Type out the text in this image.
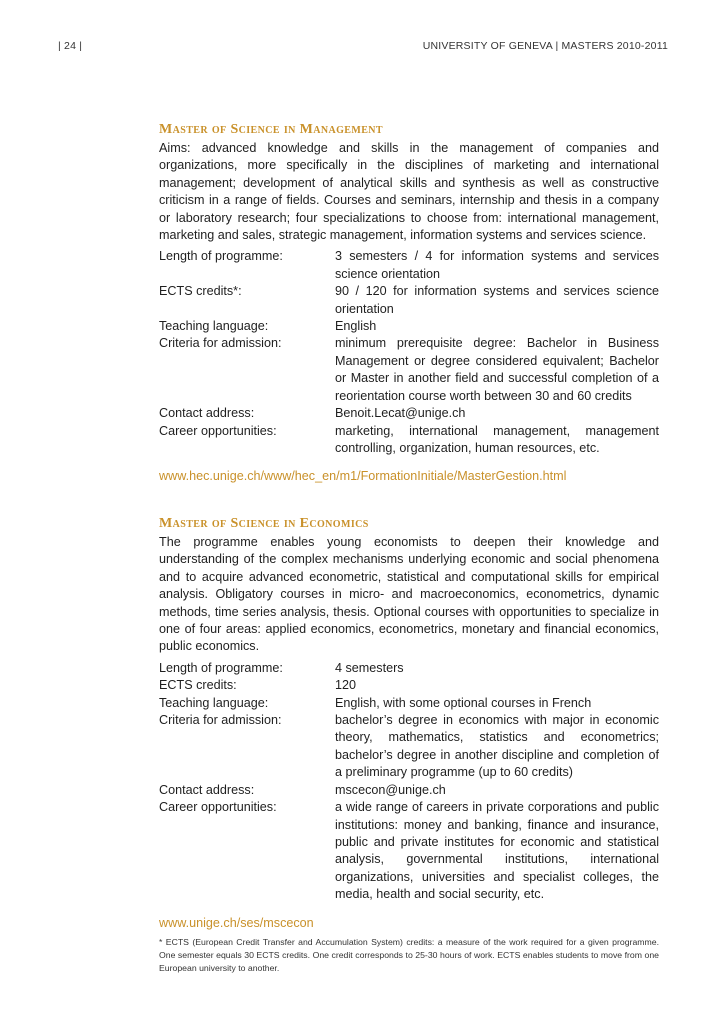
| 24 |	UNIVERSITY OF GENEVA | MASTERS 2010-2011
Master of Science in Management

Aims: advanced knowledge and skills in the management of companies and organizations, more specifically in the disciplines of marketing and international management; development of analytical skills and synthesis as well as constructive criticism in a range of fields. Courses and seminars, internship and thesis in a company or laboratory research; four specializations to choose from: international management, marketing and sales, strategic management, information systems and services science.

Length of programme:	3 semesters / 4 for information systems and services science orientation
ECTS credits*:	90 / 120 for information systems and services science orientation
Teaching language:	English
Criteria for admission:	minimum prerequisite degree: Bachelor in Business Management or degree considered equivalent; Bachelor or Master in another field and successful completion of a reorientation course worth between 30 and 60 credits
Contact address:	Benoit.Lecat@unige.ch
Career opportunities:	marketing, international management, management controlling, organization, human resources, etc.
www.hec.unige.ch/www/hec_en/m1/FormationInitiale/MasterGestion.html
Master of Science in Economics

The programme enables young economists to deepen their knowledge and understanding of the complex mechanisms underlying economic and social phenomena and to acquire advanced econometric, statistical and computational skills for empirical analysis. Obligatory courses in micro- and macroeconomics, econometrics, dynamic methods, time series analysis, thesis. Optional courses with opportunities to specialize in one of four areas: applied economics, econometrics, monetary and financial economics, public economics.

Length of programme:	4 semesters
ECTS credits:	120
Teaching language:	English, with some optional courses in French
Criteria for admission:	bachelor’s degree in economics with major in economic theory, mathematics, statistics and econometrics; bachelor’s degree in another discipline and completion of a preliminary programme (up to 60 credits)
Contact address:	mscecon@unige.ch
Career opportunities:	a wide range of careers in private corporations and public institutions: money and banking, finance and insurance, public and private institutes for economic and statistical analysis, governmental institutions, international organizations, universities and specialist colleges, the media, health and social security, etc.
www.unige.ch/ses/mscecon
* ECTS (European Credit Transfer and Accumulation System) credits: a measure of the work required for a given programme. One semester equals 30 ECTS credits. One credit corresponds to 25-30 hours of work. ECTS enables students to move from one European university to another.
